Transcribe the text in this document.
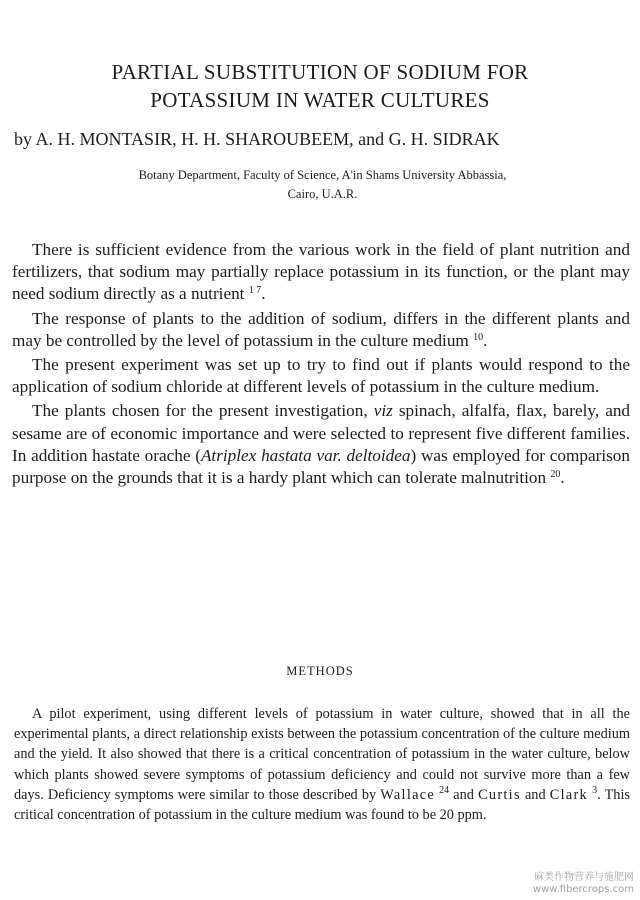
PARTIAL SUBSTITUTION OF SODIUM FOR
POTASSIUM IN WATER CULTURES
by A. H. MONTASIR, H. H. SHAROUBEEM, and G. H. SIDRAK
Botany Department, Faculty of Science, A'in Shams University Abbassia,
Cairo, U.A.R.

There is sufficient evidence from the various work in the field of plant nutrition and fertilizers, that sodium may partially replace potassium in its function, or the plant may need sodium directly as a nutrient $^{1 7}$.

The response of plants to the addition of sodium, differs in the different plants and may be controlled by the level of potassium in the culture medium $^{10}$.

The present experiment was set up to try to find out if plants would respond to the application of sodium chloride at different levels of potassium in the culture medium.

The plants chosen for the present investigation, viz spinach, alfalfa, flax, barely, and sesame are of economic importance and were selected to represent five different families. In addition hastate orache (Atriplex hastata var. deltoidea) was employed for comparison purpose on the grounds that it is a hardy plant which can tolerate malnutrition $^{20}$.

METHODS

A pilot experiment, using different levels of potassium in water culture, showed that in all the experimental plants, a direct relationship exists between the potassium concentration of the culture medium and the yield. It also showed that there is a critical concentration of potassium in the water culture, below which plants showed severe symptoms of potassium deficiency and could not survive more than a few days. Deficiency symptoms were similar to those described by Wallace $^{24}$ and Curtis and Clark $^3$. This critical concentration of potassium in the culture medium was found to be 20 ppm.

麻类作物营养与施肥网
www.fibercrops.com
